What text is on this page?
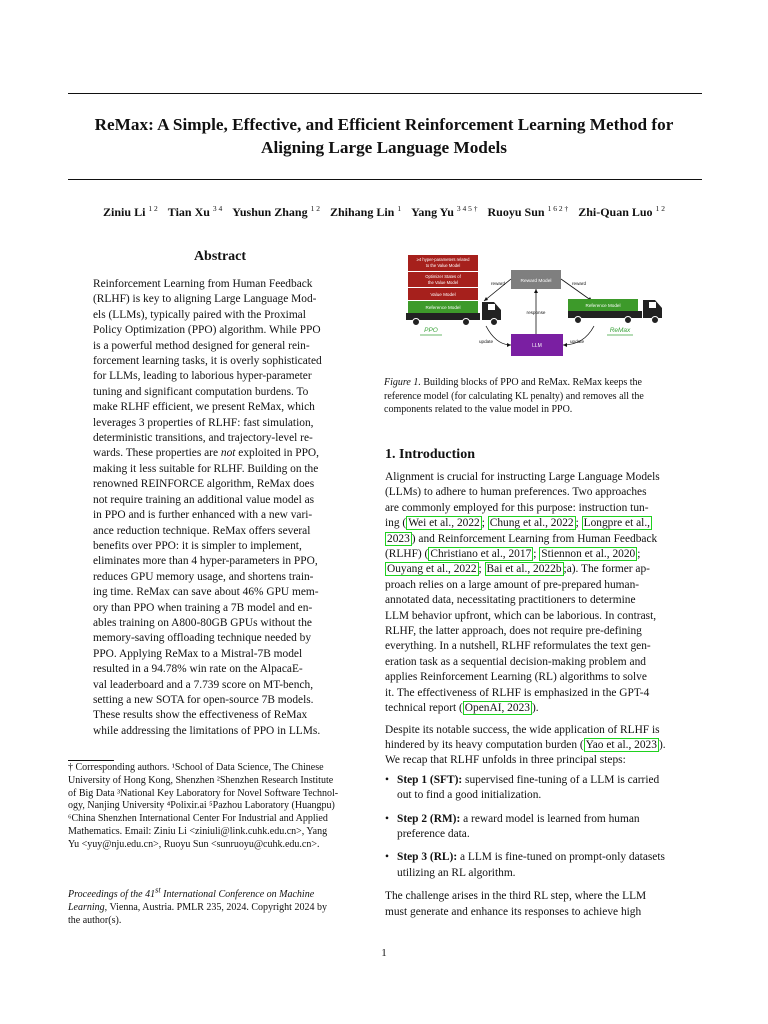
ReMax: A Simple, Effective, and Efficient Reinforcement Learning Method for
Aligning Large Language Models
Ziniu Li $^{1 2}$ Tian Xu $^{3 4}$ Yushun Zhang $^{1 2}$ Zhihang Lin $^1$ Yang Yu $^{3 4 5 \dagger}$ Ruoyu Sun $^{1 6 2 \dagger}$ Zhi-Quan Luo $^{1 2}$
Abstract
Reinforcement Learning from Human Feedback
(RLHF) is key to aligning Large Language Mod-
els (LLMs), typically paired with the Proximal
Policy Optimization (PPO) algorithm. While PPO
is a powerful method designed for general rein-
forcement learning tasks, it is overly sophisticated
for LLMs, leading to laborious hyper-parameter
tuning and significant computation burdens. To
make RLHF efficient, we present ReMax, which
leverages 3 properties of RLHF: fast simulation,
deterministic transitions, and trajectory-level re-
wards. These properties are not exploited in PPO,
making it less suitable for RLHF. Building on the
renowned REINFORCE algorithm, ReMax does
not require training an additional value model as
in PPO and is further enhanced with a new vari-
ance reduction technique. ReMax offers several
benefits over PPO: it is simpler to implement,
eliminates more than 4 hyper-parameters in PPO,
reduces GPU memory usage, and shortens train-
ing time. ReMax can save about 46% GPU mem-
ory than PPO when training a 7B model and en-
ables training on A800-80GB GPUs without the
memory-saving offloading technique needed by
PPO. Applying ReMax to a Mistral-7B model
resulted in a 94.78% win rate on the AlpacaE-
val leaderboard and a 7.739 score on MT-bench,
setting a new SOTA for open-source 7B models.
These results show the effectiveness of ReMax
while addressing the limitations of PPO in LLMs.
† Corresponding authors. ¹School of Data Science, The Chinese
University of Hong Kong, Shenzhen ²Shenzhen Research Institute
of Big Data ³National Key Laboratory for Novel Software Technol-
ogy, Nanjing University ⁴Polixir.ai ⁵Pazhou Laboratory (Huangpu)
⁶China Shenzhen International Center For Industrial and Applied
Mathematics. Email: Ziniu Li <ziniuli@link.cuhk.edu.cn>, Yang
Yu <yuy@nju.edu.cn>, Ruoyu Sun <sunruoyu@cuhk.edu.cn>.
Proceedings of the 41st International Conference on Machine
Learning, Vienna, Austria. PMLR 235, 2024. Copyright 2024 by
the author(s).
≥4 hyper-parameters related
to the Value Model
Optimizer States of
the Value Model
Value Model
Reference Model
PPO
Reward Model
reward	reward
response
LLM
update	update
Reference Model
ReMax
Figure 1. Building blocks of PPO and ReMax. ReMax keeps the
reference model (for calculating KL penalty) and removes all the
components related to the value model in PPO.
1. Introduction
Alignment is crucial for instructing Large Language Models
(LLMs) to adhere to human preferences. Two approaches
are commonly employed for this purpose: instruction tun-
ing ( Wei et al., 2022 ; Chung et al., 2022 ; Longpre et al.,
2023 ) and Reinforcement Learning from Human Feedback
(RLHF) ( Christiano et al., 2017 ; Stiennon et al., 2020 ;
Ouyang et al., 2022 ; Bai et al., 2022b ;a). The former ap-
proach relies on a large amount of pre-prepared human-
annotated data, necessitating practitioners to determine
LLM behavior upfront, which can be laborious. In contrast,
RLHF, the latter approach, does not require pre-defining
everything. In a nutshell, RLHF reformulates the text gen-
eration task as a sequential decision-making problem and
applies Reinforcement Learning (RL) algorithms to solve
it. The effectiveness of RLHF is emphasized in the GPT-4
technical report ( OpenAI, 2023 ).
Despite its notable success, the wide application of RLHF is
hindered by its heavy computation burden ( Yao et al., 2023 ).
We recap that RLHF unfolds in three principal steps:
• Step 1 (SFT): supervised fine-tuning of a LLM is carried
out to find a good initialization.
• Step 2 (RM): a reward model is learned from human
preference data.
• Step 3 (RL): a LLM is fine-tuned on prompt-only datasets
utilizing an RL algorithm.
The challenge arises in the third RL step, where the LLM
must generate and enhance its responses to achieve high
1
